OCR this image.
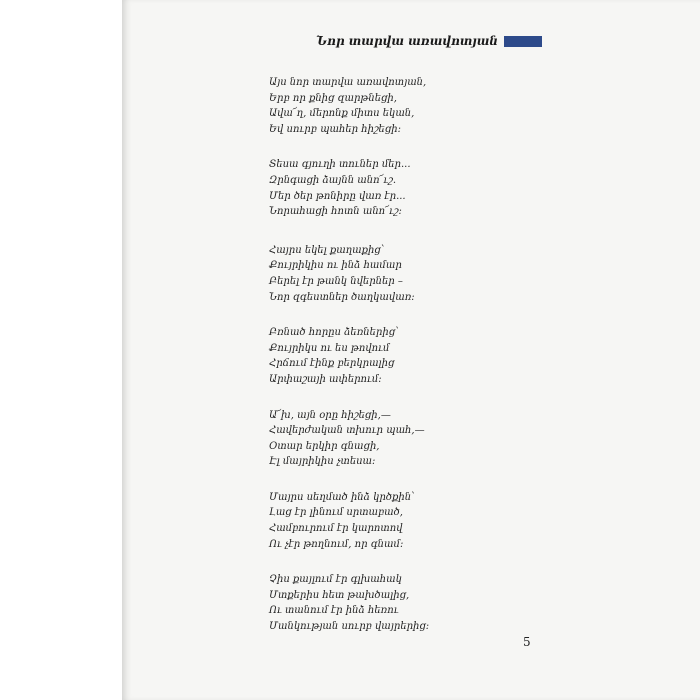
Նոր տարվա առավոտյան
Այս նոր տարվա առավոտյան,
Երբ որ քնից զարթնեցի,
Ավա՜ղ, մերոնք միտս եկան,
Եվ սուրբ պահեր հիշեցի:
Տեսա գյուղի տուներ մեր...
Զրնգացի ձայնն անո՜ւշ.
Մեր ծեր թոնիրը վառ էր...
Նորահացի հոտն անո՜ւշ:
Հայրս եկել քաղաքից՝
Քույրիկիս ու ինձ համար
Բերել էր թանկ նվերներ –
Նոր զգեստներ ծաղկավառ:
Բռնած հորըս ձեռներից՝
Քույրիկս ու ես թովում
Հրճում էինք բերկրալից
Արփաշայի ափերում:
Ա՜խ, այն օրը հիշեցի,—
Հավերժական տխուր պահ,—
Օտար երկիր գնացի,
Էլ մայրիկիս չտեսա:
Մայրս սեղմած ինձ կրծքին՝
Լաց էր լինում սրտաբած,
Համբուրում էր կարոտով
Ու չէր թողնում, որ գնամ:
Չիս քայլում էր գլխահակ
Մտքերիս հետ թախծալից,
Ու տանում էր ինձ հեռու
Մանկության սուրբ վայրերից:
5
